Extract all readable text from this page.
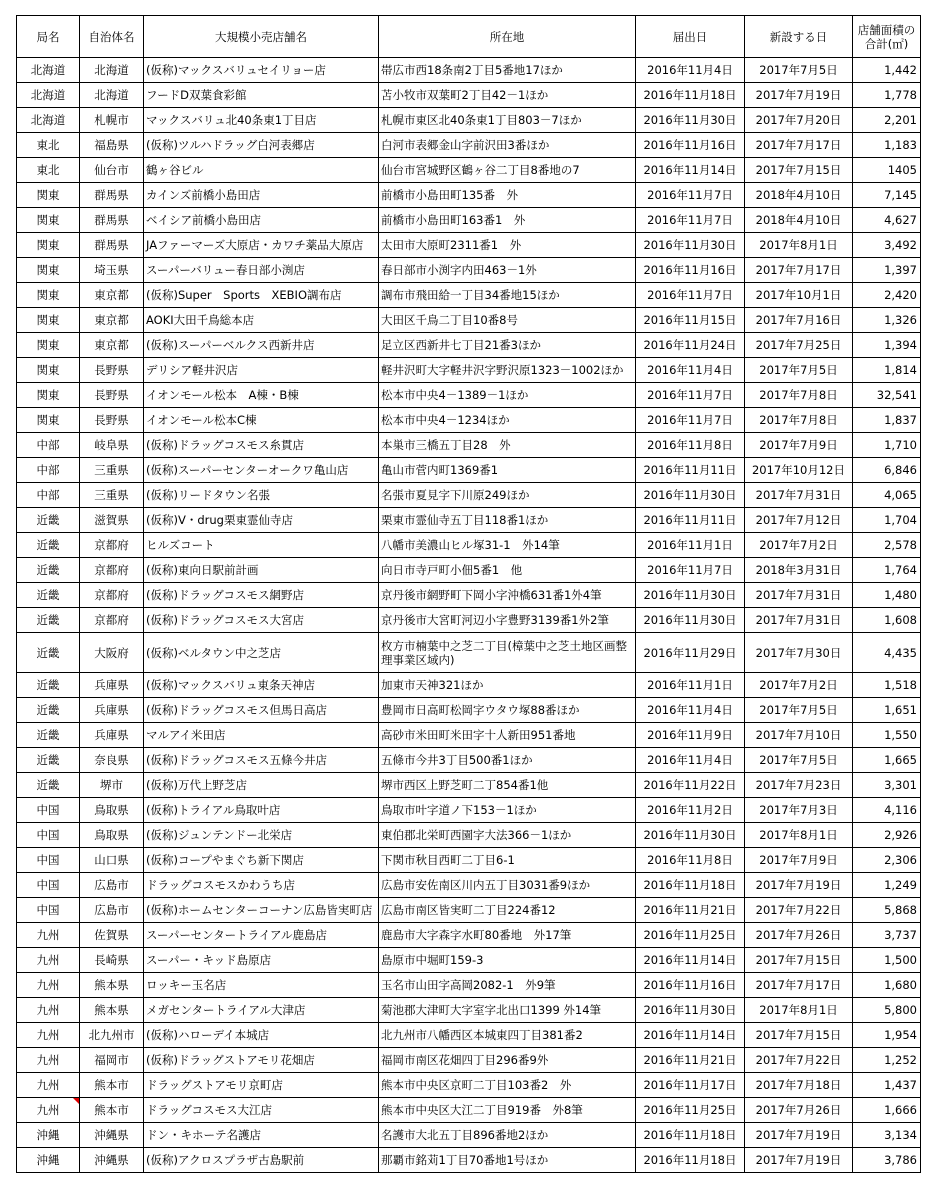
局名	自治体名	大規模小売店舗名	所在地	届出日	新設する日	店舗面積の合計(㎡)
北海道	北海道	(仮称)マックスバリュセイリョー店	帯広市西18条南2丁目5番地17ほか	2016年11月4日	2017年7月5日	1,442
北海道	北海道	フードD双葉食彩館	苫小牧市双葉町2丁目42－1ほか	2016年11月18日	2017年7月19日	1,778
北海道	札幌市	マックスバリュ北40条東1丁目店	札幌市東区北40条東1丁目803－7ほか	2016年11月30日	2017年7月20日	2,201
東北	福島県	(仮称)ツルハドラッグ白河表郷店	白河市表郷金山字前沢田3番ほか	2016年11月16日	2017年7月17日	1,183
東北	仙台市	鶴ヶ谷ビル	仙台市宮城野区鶴ヶ谷二丁目8番地の7	2016年11月14日	2017年7月15日	1405
関東	群馬県	カインズ前橋小島田店	前橋市小島田町135番　外	2016年11月7日	2018年4月10日	7,145
関東	群馬県	ベイシア前橋小島田店	前橋市小島田町163番1　外	2016年11月7日	2018年4月10日	4,627
関東	群馬県	JAファーマーズ大原店・カワチ薬品大原店	太田市大原町2311番1　外	2016年11月30日	2017年8月1日	3,492
関東	埼玉県	スーパーバリュー春日部小渕店	春日部市小渕字内田463－1外	2016年11月16日	2017年7月17日	1,397
関東	東京都	(仮称)Super　Sports　XEBIO調布店	調布市飛田給一丁目34番地15ほか	2016年11月7日	2017年10月1日	2,420
関東	東京都	AOKI大田千鳥総本店	大田区千鳥二丁目10番8号	2016年11月15日	2017年7月16日	1,326
関東	東京都	(仮称)スーパーベルクス西新井店	足立区西新井七丁目21番3ほか	2016年11月24日	2017年7月25日	1,394
関東	長野県	デリシア軽井沢店	軽井沢町大字軽井沢字野沢原1323－1002ほか	2016年11月4日	2017年7月5日	1,814
関東	長野県	イオンモール松本　A棟・B棟	松本市中央4－1389－1ほか	2016年11月7日	2017年7月8日	32,541
関東	長野県	イオンモール松本C棟	松本市中央4－1234ほか	2016年11月7日	2017年7月8日	1,837
中部	岐阜県	(仮称)ドラッグコスモス糸貫店	本巣市三橋五丁目28　外	2016年11月8日	2017年7月9日	1,710
中部	三重県	(仮称)スーパーセンターオークワ亀山店	亀山市菅内町1369番1	2016年11月11日	2017年10月12日	6,846
中部	三重県	(仮称)リードタウン名張	名張市夏見字下川原249ほか	2016年11月30日	2017年7月31日	4,065
近畿	滋賀県	(仮称)V・drug栗東霊仙寺店	栗東市霊仙寺五丁目118番1ほか	2016年11月11日	2017年7月12日	1,704
近畿	京都府	ヒルズコート	八幡市美濃山ヒル塚31-1　外14筆	2016年11月1日	2017年7月2日	2,578
近畿	京都府	(仮称)東向日駅前計画	向日市寺戸町小佃5番1　他	2016年11月7日	2018年3月31日	1,764
近畿	京都府	(仮称)ドラッグコスモス網野店	京丹後市網野町下岡小字沖橋631番1外4筆	2016年11月30日	2017年7月31日	1,480
近畿	京都府	(仮称)ドラッグコスモス大宮店	京丹後市大宮町河辺小字豊野3139番1外2筆	2016年11月30日	2017年7月31日	1,608
近畿	大阪府	(仮称)ベルタウン中之芝店	枚方市楠葉中之芝二丁目(樟葉中之芝土地区画整理事業区域内)	2016年11月29日	2017年7月30日	4,435
近畿	兵庫県	(仮称)マックスバリュ東条天神店	加東市天神321ほか	2016年11月1日	2017年7月2日	1,518
近畿	兵庫県	(仮称)ドラッグコスモス但馬日高店	豊岡市日高町松岡字ウタウ塚88番ほか	2016年11月4日	2017年7月5日	1,651
近畿	兵庫県	マルアイ米田店	高砂市米田町米田字十人新田951番地	2016年11月9日	2017年7月10日	1,550
近畿	奈良県	(仮称)ドラッグコスモス五條今井店	五條市今井3丁目500番1ほか	2016年11月4日	2017年7月5日	1,665
近畿	堺市	(仮称)万代上野芝店	堺市西区上野芝町二丁854番1他	2016年11月22日	2017年7月23日	3,301
中国	鳥取県	(仮称)トライアル鳥取叶店	鳥取市叶字道ノ下153－1ほか	2016年11月2日	2017年7月3日	4,116
中国	鳥取県	(仮称)ジュンテンドー北栄店	東伯郡北栄町西園字大法366－1ほか	2016年11月30日	2017年8月1日	2,926
中国	山口県	(仮称)コープやまぐち新下関店	下関市秋目西町二丁目6-1	2016年11月8日	2017年7月9日	2,306
中国	広島市	ドラッグコスモスかわうち店	広島市安佐南区川内五丁目3031番9ほか	2016年11月18日	2017年7月19日	1,249
中国	広島市	(仮称)ホームセンターコーナン広島皆実町店	広島市南区皆実町二丁目224番12	2016年11月21日	2017年7月22日	5,868
九州	佐賀県	スーパーセンタートライアル鹿島店	鹿島市大字森字水町80番地　外17筆	2016年11月25日	2017年7月26日	3,737
九州	長崎県	スーパー・キッド島原店	島原市中堀町159-3	2016年11月14日	2017年7月15日	1,500
九州	熊本県	ロッキー玉名店	玉名市山田字高岡2082-1　外9筆	2016年11月16日	2017年7月17日	1,680
九州	熊本県	メガセンタートライアル大津店	菊池郡大津町大字室字北出口1399 外14筆	2016年11月30日	2017年8月1日	5,800
九州	北九州市	(仮称)ハローデイ本城店	北九州市八幡西区本城東四丁目381番2	2016年11月14日	2017年7月15日	1,954
九州	福岡市	(仮称)ドラッグストアモリ花畑店	福岡市南区花畑四丁目296番9外	2016年11月21日	2017年7月22日	1,252
九州	熊本市	ドラッグストアモリ京町店	熊本市中央区京町二丁目103番2　外	2016年11月17日	2017年7月18日	1,437
九州	熊本市	ドラッグコスモス大江店	熊本市中央区大江二丁目919番　外8筆	2016年11月25日	2017年7月26日	1,666
沖縄	沖縄県	ドン・キホーテ名護店	名護市大北五丁目896番地2ほか	2016年11月18日	2017年7月19日	3,134
沖縄	沖縄県	(仮称)アクロスプラザ古島駅前	那覇市銘苅1丁目70番地1号ほか	2016年11月18日	2017年7月19日	3,786
